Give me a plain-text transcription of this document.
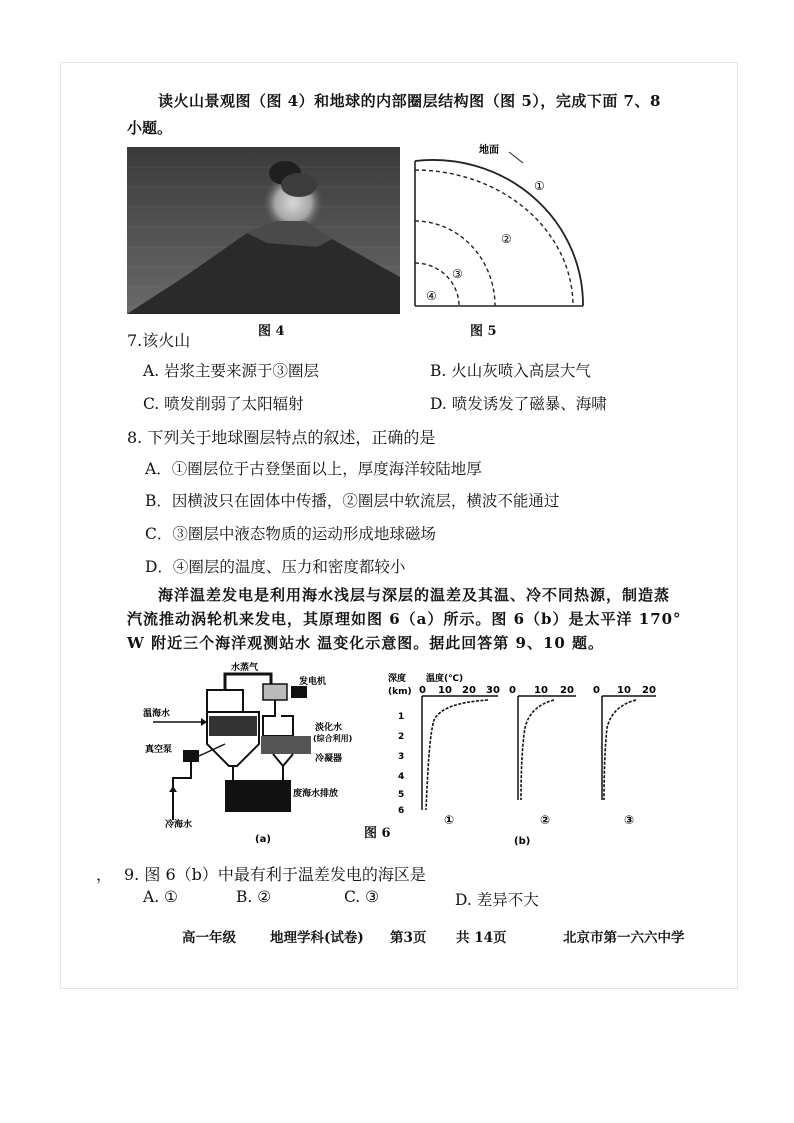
读火山景观图（图 4）和地球的内部圈层结构图（图 5），完成下面 7、8
小题。
地面
①
②
③
④
7.该火山	图 4	图 5
A. 岩浆主要来源于③圈层	B. 火山灰喷入高层大气
C. 喷发削弱了太阳辐射	D. 喷发诱发了磁暴、海啸
8. 下列关于地球圈层特点的叙述，正确的是
A．①圈层位于古登堡面以上，厚度海洋较陆地厚
B．因横波只在固体中传播，②圈层中软流层，横波不能通过
C．③圈层中液态物质的运动形成地球磁场
D．④圈层的温度、压力和密度都较小
海洋温差发电是利用海水浅层与深层的温差及其温、冷不同热源，制造蒸
汽流推动涡轮机来发电，其原理如图 6（a）所示。图 6（b）是太平洋 170°
W 附近三个海洋观测站水 温变化示意图。据此回答第 9、10 题。
水蒸气
发电机
温海水
淡化水
(综合利用)
冷凝器
真空泵
废海水排放
冷海水
(a)	图 6
深度 温度(℃)
(km) 0 10 20 30
1
2
3
4
5
6
①
0 10 20
②
0 10 20
③
(b)
， 9. 图 6（b）中最有利于温差发电的海区是
A. ①	B. ②	C. ③	D. 差异不大
高一年级	地理学科(试卷) 第3页 共 14页	北京市第一六六中学
